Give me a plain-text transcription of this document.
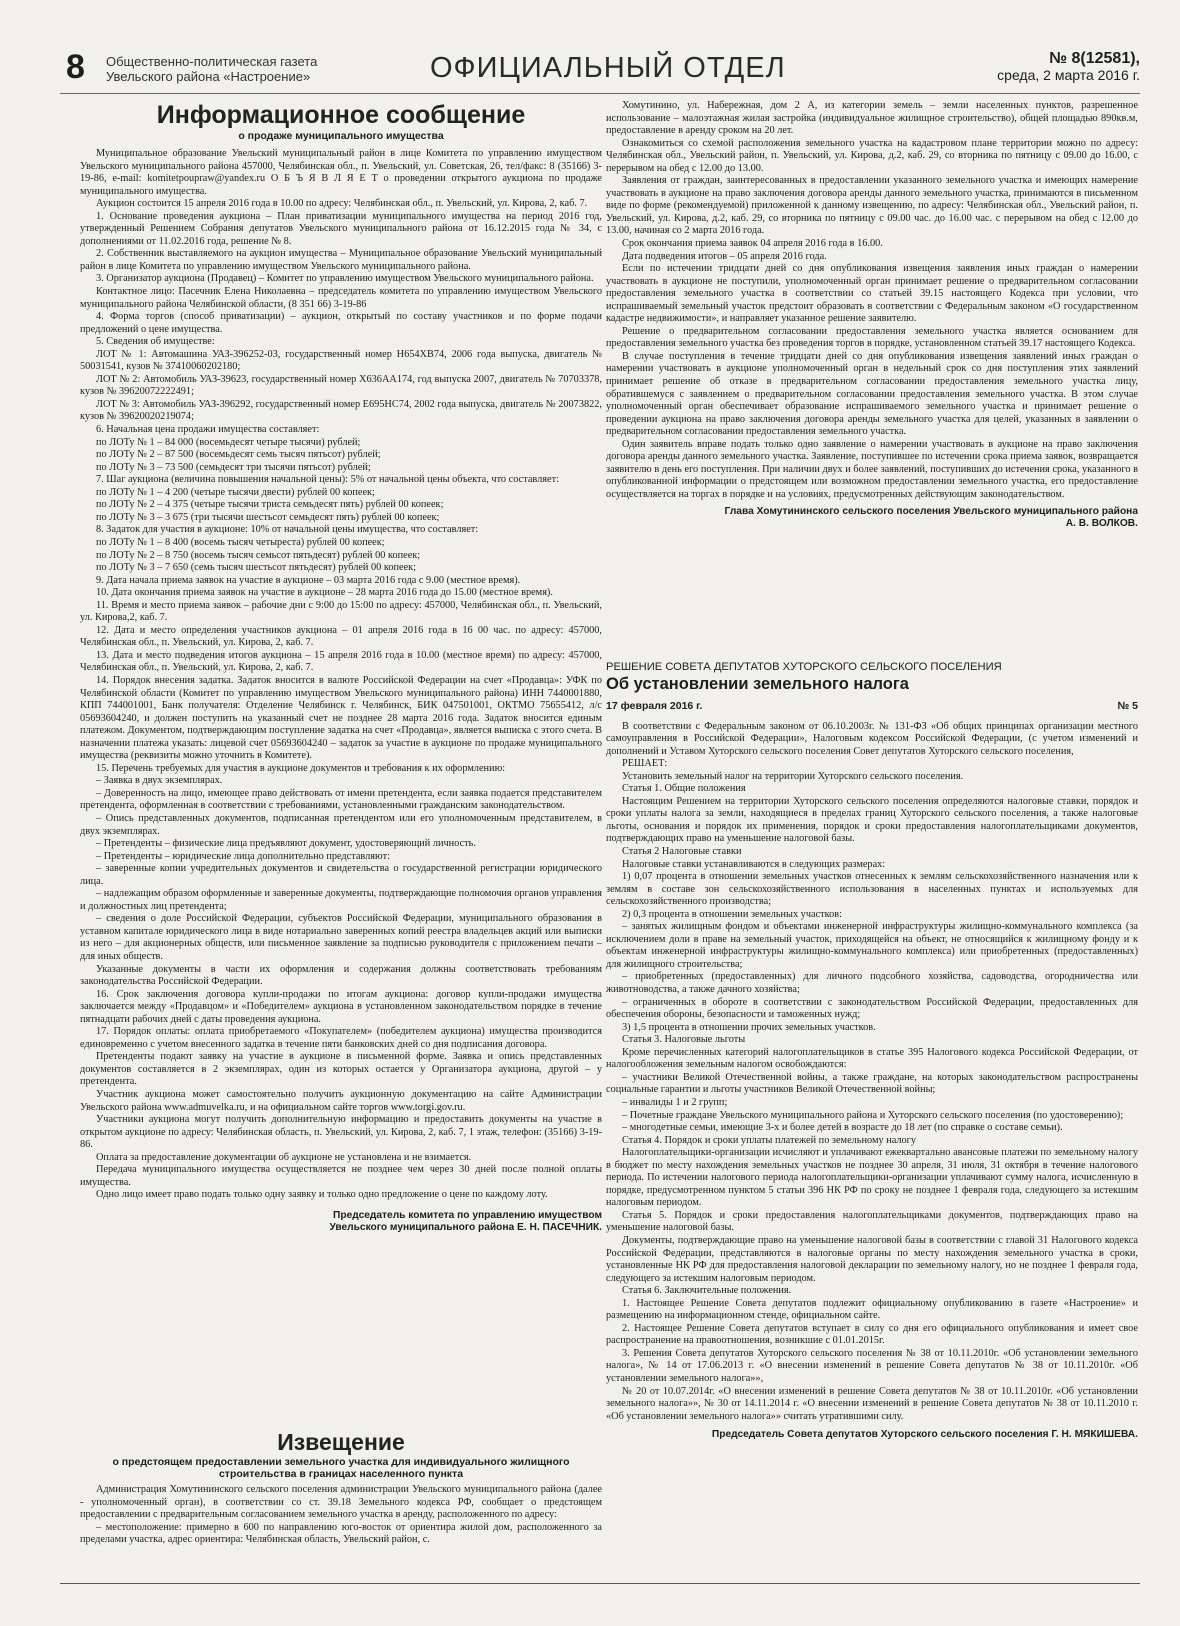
8 Общественно-политическая газета
Увельского района «Настроение»	ОФИЦИАЛЬНЫЙ ОТДЕЛ	№ 8(12581),
среда, 2 марта 2016 г.
Информационное сообщение

о продаже муниципального имущества

Муниципальное образование Увельский муниципальный район в лице Комитета по управлению имуществом Увельского муниципального района 457000, Челябинская обл., п. Увельский, ул. Советская, 26, тел/факс: 8 (35166) 3-19-86, e-mail: komitetpoupraw@yandex.ru О Б Ъ Я В Л Я Е Т о проведении открытого аукциона по продаже муниципального имущества.

Аукцион состоится 15 апреля 2016 года в 10.00 по адресу: Челябинская обл., п. Увельский, ул. Кирова, 2, каб. 7.

1. Основание проведения аукциона – План приватизации муниципального имущества на период 2016 год, утвержденный Решением Собрания депутатов Увельского муниципального района от 16.12.2015 года № 34, с дополнениями от 11.02.2016 года, решение № 8.

2. Собственник выставляемого на аукцион имущества – Муниципальное образование Увельский муниципальный район в лице Комитета по управлению имуществом Увельского муниципального района.

3. Организатор аукциона (Продавец) – Комитет по управлению имуществом Увельского муниципального района.

Контактное лицо: Пасечник Елена Николаевна – председатель комитета по управлению имуществом Увельского муниципального района Челябинской области, (8 351 66) 3-19-86

4. Форма торгов (способ приватизации) – аукцион, открытый по составу участников и по форме подачи предложений о цене имущества.

5. Сведения об имуществе:

ЛОТ № 1: Автомашина УАЗ-396252-03, государственный номер Н654ХВ74, 2006 года выпуска, двигатель № 50031541, кузов № 37410060202180;

ЛОТ № 2: Автомобиль УАЗ-39623, государственный номер Х636АА174, год выпуска 2007, двигатель № 70703378, кузов № 39620072222491;

ЛОТ № 3: Автомобиль УАЗ-396292, государственный номер Е695НС74, 2002 года выпуска, двигатель № 20073822, кузов № 39620020219074;

6. Начальная цена продажи имущества составляет:

по ЛОТу № 1 – 84 000 (восемьдесят четыре тысячи) рублей;

по ЛОТу № 2 – 87 500 (восемьдесят семь тысяч пятьсот) рублей;

по ЛОТу № 3 – 73 500 (семьдесят три тысячи пятьсот) рублей;

7. Шаг аукциона (величина повышения начальной цены): 5% от начальной цены объекта, что составляет:

по ЛОТу № 1 – 4 200 (четыре тысячи двести) рублей 00 копеек;

по ЛОТу № 2 – 4 375 (четыре тысячи триста семьдесят пять) рублей 00 копеек;

по ЛОТу № 3 – 3 675 (три тысячи шестьсот семьдесят пять) рублей 00 копеек;

8. Задаток для участия в аукционе: 10% от начальной цены имущества, что составляет:

по ЛОТу № 1 – 8 400 (восемь тысяч четыреста) рублей 00 копеек;

по ЛОТу № 2 – 8 750 (восемь тысяч семьсот пятьдесят) рублей 00 копеек;

по ЛОТу № 3 – 7 650 (семь тысяч шестьсот пятьдесят) рублей 00 копеек;

9. Дата начала приема заявок на участие в аукционе – 03 марта 2016 года с 9.00 (местное время).

10. Дата окончания приема заявок на участие в аукционе – 28 марта 2016 года до 15.00 (местное время).

11. Время и место приема заявок – рабочие дни с 9:00 до 15:00 по адресу: 457000, Челябинская обл., п. Увельский, ул. Кирова,2, каб. 7.

12. Дата и место определения участников аукциона – 01 апреля 2016 года в 16 00 час. по адресу: 457000, Челябинская обл., п. Увельский, ул. Кирова, 2, каб. 7.

13. Дата и место подведения итогов аукциона – 15 апреля 2016 года в 10.00 (местное время) по адресу: 457000, Челябинская обл., п. Увельский, ул. Кирова, 2, каб. 7.

14. Порядок внесения задатка. Задаток вносится в валюте Российской Федерации на счет «Продавца»: УФК по Челябинской области (Комитет по управлению имуществом Увельского муниципального района) ИНН 7440001880, КПП 744001001, Банк получателя: Отделение Челябинск г. Челябинск, БИК 047501001, ОКТМО 75655412, л/с 05693604240, и должен поступить на указанный счет не позднее 28 марта 2016 года. Задаток вносится единым платежом. Документом, подтверждающим поступление задатка на счет «Продавца», является выписка с этого счета. В назначении платежа указать: лицевой счет 05693604240 – задаток за участие в аукционе по продаже муниципального имущества (реквизиты можно уточнить в Комитете).

15. Перечень требуемых для участия в аукционе документов и требования к их оформлению:

– Заявка в двух экземплярах.

– Доверенность на лицо, имеющее право действовать от имени претендента, если заявка подается представителем претендента, оформленная в соответствии с требованиями, установленными гражданским законодательством.

– Опись представленных документов, подписанная претендентом или его уполномоченным представителем, в двух экземплярах.

– Претенденты – физические лица предъявляют документ, удостоверяющий личность.

– Претенденты – юридические лица дополнительно представляют:

– заверенные копии учредительных документов и свидетельства о государственной регистрации юридического лица.

– надлежащим образом оформленные и заверенные документы, подтверждающие полномочия органов управления и должностных лиц претендента;

– сведения о доле Российской Федерации, субъектов Российской Федерации, муниципального образования в уставном капитале юридического лица в виде нотариально заверенных копий реестра владельцев акций или выписки из него – для акционерных обществ, или письменное заявление за подписью руководителя с приложением печати – для иных обществ.

Указанные документы в части их оформления и содержания должны соответствовать требованиям законодательства Российской Федерации.

16. Срок заключения договора купли-продажи по итогам аукциона: договор купли-продажи имущества заключается между «Продавцом» и «Победителем» аукциона в установленном законодательством порядке в течение пятнадцати рабочих дней с даты проведения аукциона.

17. Порядок оплаты: оплата приобретаемого «Покупателем» (победителем аукциона) имущества производится единовременно с учетом внесенного задатка в течение пяти банковских дней со дня подписания договора.

Претенденты подают заявку на участие в аукционе в письменной форме. Заявка и опись представленных документов составляется в 2 экземплярах, один из которых остается у Организатора аукциона, другой – у претендента.

Участник аукциона может самостоятельно получить аукционную документацию на сайте Администрации Увельского района www.admuvelka.ru, и на официальном сайте торгов www.torgi.gov.ru.

Участники аукциона могут получить дополнительную информацию и предоставить документы на участие в открытом аукционе по адресу: Челябинская область, п. Увельский, ул. Кирова, 2, каб. 7, 1 этаж, телефон: (35166) 3-19-86.

Оплата за предоставление документации об аукционе не установлена и не взимается.

Передача муниципального имущества осуществляется не позднее чем через 30 дней после полной оплаты имущества.

Одно лицо имеет право подать только одну заявку и только одно предложение о цене по каждому лоту.

Председатель комитета по управлению имуществом

Увельского муниципального района Е. Н. ПАСЕЧНИК.

Извещение

о предстоящем предоставлении земельного участка для индивидуального жилищного строительства в границах населенного пункта

Администрация Хомутининского сельского поселения администрации Увельского муниципального района (далее - уполномоченный орган), в соответствии со ст. 39.18 Земельного кодекса РФ, сообщает о предстоящем предоставлении с предварительным согласованием земельного участка в аренду, расположенного по адресу:

– местоположение: примерно в 600 по направлению юго-восток от ориентира жилой дом, расположенного за пределами участка, адрес ориентира: Челябинская область, Увельский район, с.

Хомутинино, ул. Набережная, дом 2 А, из категории земель – земли населенных пунктов, разрешенное использование – малоэтажная жилая застройка (индивидуальное жилищное строительство), общей площадью 890кв.м, предоставление в аренду сроком на 20 лет.

Ознакомиться со схемой расположения земельного участка на кадастровом плане территории можно по адресу: Челябинская обл., Увельский район, п. Увельский, ул. Кирова, д.2, каб. 29, со вторника по пятницу с 09.00 до 16.00, с перерывом на обед с 12.00 до 13.00.

Заявления от граждан, заинтересованных в предоставлении указанного земельного участка и имеющих намерение участвовать в аукционе на право заключения договора аренды данного земельного участка, принимаются в письменном виде по форме (рекомендуемой) приложенной к данному извещению, по адресу: Челябинская обл., Увельский район, п. Увельский, ул. Кирова, д.2, каб. 29, со вторника по пятницу с 09.00 час. до 16.00 час. с перерывом на обед с 12.00 до 13.00, начиная со 2 марта 2016 года.

Срок окончания приема заявок 04 апреля 2016 года в 16.00.

Дата подведения итогов – 05 апреля 2016 года.

Если по истечении тридцати дней со дня опубликования извещения заявления иных граждан о намерении участвовать в аукционе не поступили, уполномоченный орган принимает решение о предварительном согласовании предоставления земельного участка в соответствии со статьей 39.15 настоящего Кодекса при условии, что испрашиваемый земельный участок предстоит образовать в соответствии с Федеральным законом «О государственном кадастре недвижимости», и направляет указанное решение заявителю.

Решение о предварительном согласовании предоставления земельного участка является основанием для предоставления земельного участка без проведения торгов в порядке, установленном статьей 39.17 настоящего Кодекса.

В случае поступления в течение тридцати дней со дня опубликования извещения заявлений иных граждан о намерении участвовать в аукционе уполномоченный орган в недельный срок со дня поступления этих заявлений принимает решение об отказе в предварительном согласовании предоставления земельного участка лицу, обратившемуся с заявлением о предварительном согласовании предоставления земельного участка. В этом случае уполномоченный орган обеспечивает образование испрашиваемого земельного участка и принимает решение о проведении аукциона на право заключения договора аренды земельного участка для целей, указанных в заявлении о предварительном согласовании предоставления земельного участка.

Один заявитель вправе подать только одно заявление о намерении участвовать в аукционе на право заключения договора аренды данного земельного участка. Заявление, поступившее по истечении срока приема заявок, возвращается заявителю в день его поступления. При наличии двух и более заявлений, поступивших до истечения срока, указанного в опубликованной информации о предстоящем или возможном предоставлении земельного участка, его предоставление осуществляется на торгах в порядке и на условиях, предусмотренных действующим законодательством.

Глава Хомутининского сельского поселения Увельского муниципального района

А. В. ВОЛКОВ.

РЕШЕНИЕ СОВЕТА ДЕПУТАТОВ ХУТОРСКОГО СЕЛЬСКОГО ПОСЕЛЕНИЯ

Об установлении земельного налога

17 февраля 2016 г.	№ 5

В соответствии с Федеральным законом от 06.10.2003г. № 131-ФЗ «Об общих принципах организации местного самоуправления в Российской Федерации», Налоговым кодексом Российской Федерации, (с учетом изменений и дополнений и Уставом Хуторского сельского поселения Совет депутатов Хуторского сельского поселения,

РЕШАЕТ:

Установить земельный налог на территории Хуторского сельского поселения.

Статья 1. Общие положения

Настоящим Решением на территории Хуторского сельского поселения определяются налоговые ставки, порядок и сроки уплаты налога за земли, находящиеся в пределах границ Хуторского сельского поселения, а также налоговые льготы, основания и порядок их применения, порядок и сроки предоставления налогоплательщиками документов, подтверждающих право на уменьшение налоговой базы.

Статья 2 Налоговые ставки

Налоговые ставки устанавливаются в следующих размерах:

1) 0,07 процента в отношении земельных участков отнесенных к землям сельскохозяйственного назначения или к землям в составе зон сельскохозяйственного использования в населенных пунктах и используемых для сельскохозяйственного производства;

2) 0,3 процента в отношении земельных участков:

– занятых жилищным фондом и объектами инженерной инфраструктуры жилищно-коммунального комплекса (за исключением доли в праве на земельный участок, приходящейся на объект, не относящийся к жилищному фонду и к объектам инженерной инфраструктуры жилищно-коммунального комплекса) или приобретенных (предоставленных) для жилищного строительства;

– приобретенных (предоставленных) для личного подсобного хозяйства, садоводства, огородничества или животноводства, а также дачного хозяйства;

– ограниченных в обороте в соответствии с законодательством Российской Федерации, предоставленных для обеспечения обороны, безопасности и таможенных нужд;

3) 1,5 процента в отношении прочих земельных участков.

Статья 3. Налоговые льготы

Кроме перечисленных категорий налогоплательщиков в статье 395 Налогового кодекса Российской Федерации, от налогообложения земельным налогом освобождаются:

– участники Великой Отечественной войны, а также граждане, на которых законодательством распространены социальные гарантии и льготы участников Великой Отечественной войны;

– инвалиды 1 и 2 групп;

– Почетные граждане Увельского муниципального района и Хуторского сельского поселения (по удостоверению);

– многодетные семьи, имеющие 3-х и более детей в возрасте до 18 лет (по справке о составе семьи).

Статья 4. Порядок и сроки уплаты платежей по земельному налогу

Налогоплательщики-организации исчисляют и уплачивают ежеквартально авансовые платежи по земельному налогу в бюджет по месту нахождения земельных участков не позднее 30 апреля, 31 июля, 31 октября в течение налогового периода. По истечении налогового периода налогоплательщики-организации уплачивают сумму налога, исчисленную в порядке, предусмотренном пунктом 5 статьи 396 НК РФ по сроку не позднее 1 февраля года, следующего за истекшим налоговым периодом.

Статья 5. Порядок и сроки предоставления налогоплательщиками документов, подтверждающих право на уменьшение налоговой базы.

Документы, подтверждающие право на уменьшение налоговой базы в соответствии с главой 31 Налогового кодекса Российской Федерации, представляются в налоговые органы по месту нахождения земельного участка в сроки, установленные НК РФ для предоставления налоговой декларации по земельному налогу, но не позднее 1 февраля года, следующего за истекшим налоговым периодом.

Статья 6. Заключительные положения.

1. Настоящее Решение Совета депутатов подлежит официальному опубликованию в газете «Настроение» и размещению на информационном стенде, официальном сайте.

2. Настоящее Решение Совета депутатов вступает в силу со дня его официального опубликования и имеет свое распространение на правоотношения, возникшие с 01.01.2015г.

3. Решения Совета депутатов Хуторского сельского поселения № 38 от 10.11.2010г. «Об установлении земельного налога», № 14 от 17.06.2013 г. «О внесении изменений в решение Совета депутатов № 38 от 10.11.2010г. «Об установлении земельного налога»»,

№ 20 от 10.07.2014г. «О внесении изменений в решение Совета депутатов № 38 от 10.11.2010г. «Об установлении земельного налога»», № 30 от 14.11.2014 г. «О внесении изменений в решение Совета депутатов № 38 от 10.11.2010 г. «Об установлении земельного налога»» считать утратившими силу.

Председатель Совета депутатов Хуторского сельского поселения Г. Н. МЯКИШЕВА.
